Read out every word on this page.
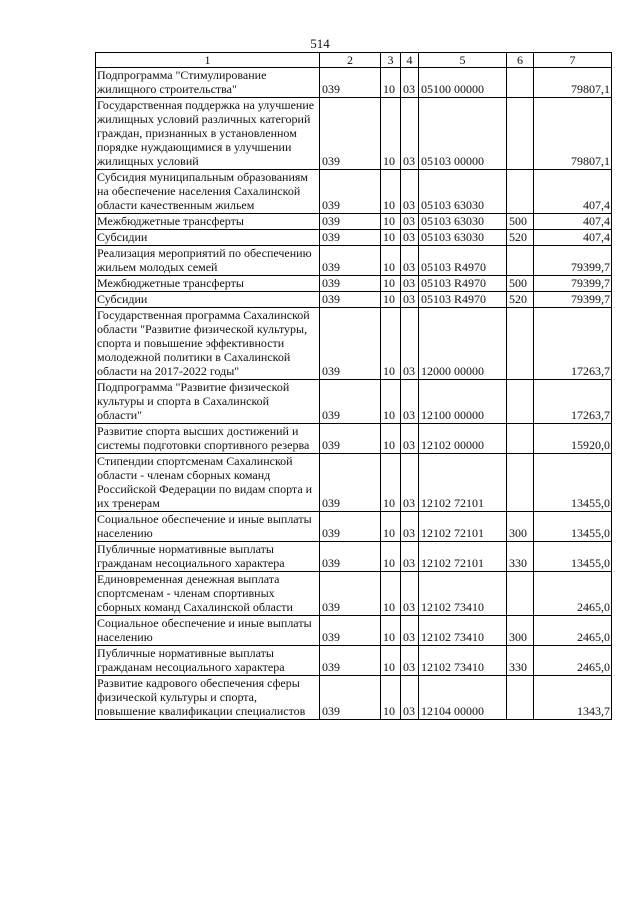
514
1	2	3	4	5	6	7
Подпрограмма "Стимулирование жилищного строительства"	039	10	03	05100 00000		79807,1
Государственная поддержка на улучшение жилищных условий различных категорий граждан, признанных в установленном порядке нуждающимися в улучшении жилищных условий	039	10	03	05103 00000		79807,1
Субсидия муниципальным образованиям на обеспечение населения Сахалинской области качественным жильем	039	10	03	05103 63030		407,4
Межбюджетные трансферты	039	10	03	05103 63030	500	407,4
Субсидии	039	10	03	05103 63030	520	407,4
Реализация мероприятий по обеспечению жильем молодых семей	039	10	03	05103 R4970		79399,7
Межбюджетные трансферты	039	10	03	05103 R4970	500	79399,7
Субсидии	039	10	03	05103 R4970	520	79399,7
Государственная программа Сахалинской области "Развитие физической культуры, спорта и повышение эффективности молодежной политики в Сахалинской области на 2017-2022 годы"	039	10	03	12000 00000		17263,7
Подпрограмма "Развитие физической культуры и спорта в Сахалинской области"	039	10	03	12100 00000		17263,7
Развитие спорта высших достижений и системы подготовки спортивного резерва	039	10	03	12102 00000		15920,0
Стипендии спортсменам Сахалинской области - членам сборных команд Российской Федерации по видам спорта и их тренерам	039	10	03	12102 72101		13455,0
Социальное обеспечение и иные выплаты населению	039	10	03	12102 72101	300	13455,0
Публичные нормативные выплаты гражданам несоциального характера	039	10	03	12102 72101	330	13455,0
Единовременная денежная выплата спортсменам - членам спортивных сборных команд Сахалинской области	039	10	03	12102 73410		2465,0
Социальное обеспечение и иные выплаты населению	039	10	03	12102 73410	300	2465,0
Публичные нормативные выплаты гражданам несоциального характера	039	10	03	12102 73410	330	2465,0
Развитие кадрового обеспечения сферы физической культуры и спорта, повышение квалификации специалистов	039	10	03	12104 00000		1343,7
